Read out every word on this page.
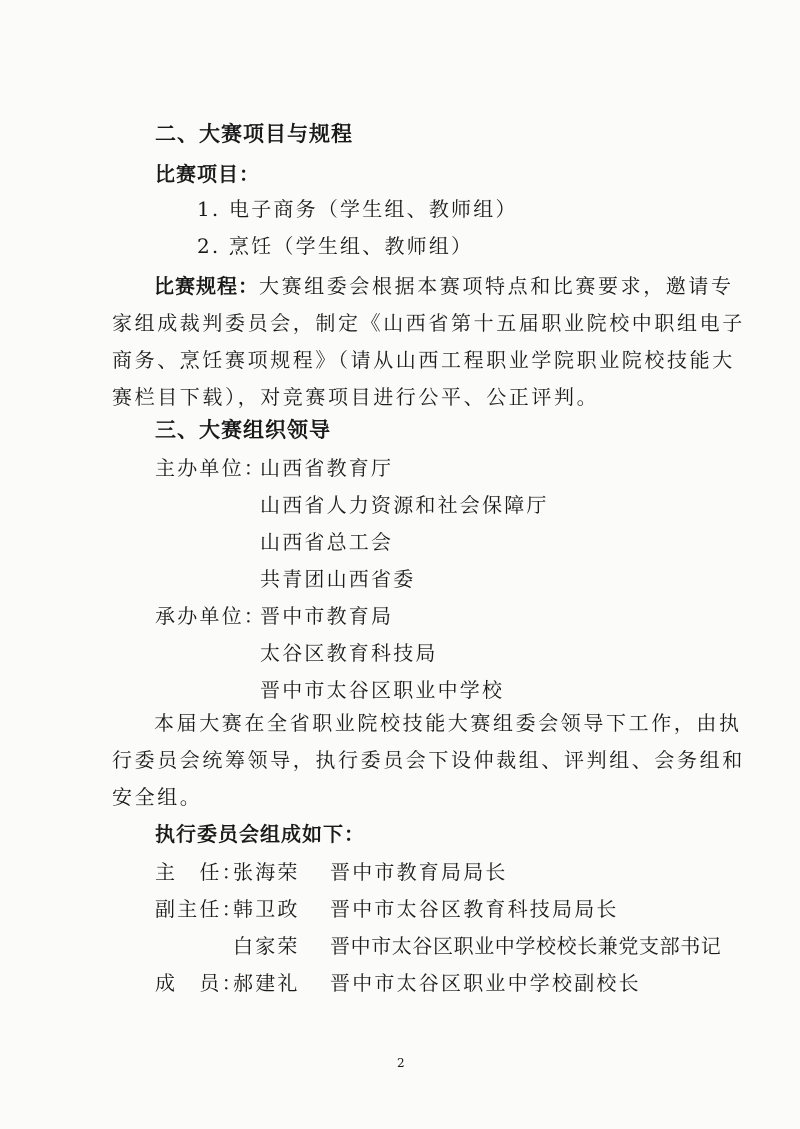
二、大赛项目与规程
比赛项目：
1. 电子商务（学生组、教师组）
2. 烹饪（学生组、教师组）
比赛规程：大赛组委会根据本赛项特点和比赛要求，邀请专
家组成裁判委员会，制定《山西省第十五届职业院校中职组电子
商务、烹饪赛项规程》（请从山西工程职业学院职业院校技能大
赛栏目下载），对竞赛项目进行公平、公正评判。
三、大赛组织领导
主办单位：
山西省教育厅
山西省人力资源和社会保障厅
山西省总工会
共青团山西省委
承办单位：
晋中市教育局
太谷区教育科技局
晋中市太谷区职业中学校
本届大赛在全省职业院校技能大赛组委会领导下工作，由执
行委员会统筹领导，执行委员会下设仲裁组、评判组、会务组和
安全组。
执行委员会组成如下：
主　任：
张海荣 晋中市教育局局长
副主任：
韩卫政 晋中市太谷区教育科技局局长
白家荣 晋中市太谷区职业中学校校长兼党支部书记
成　员：
郝建礼 晋中市太谷区职业中学校副校长
2
